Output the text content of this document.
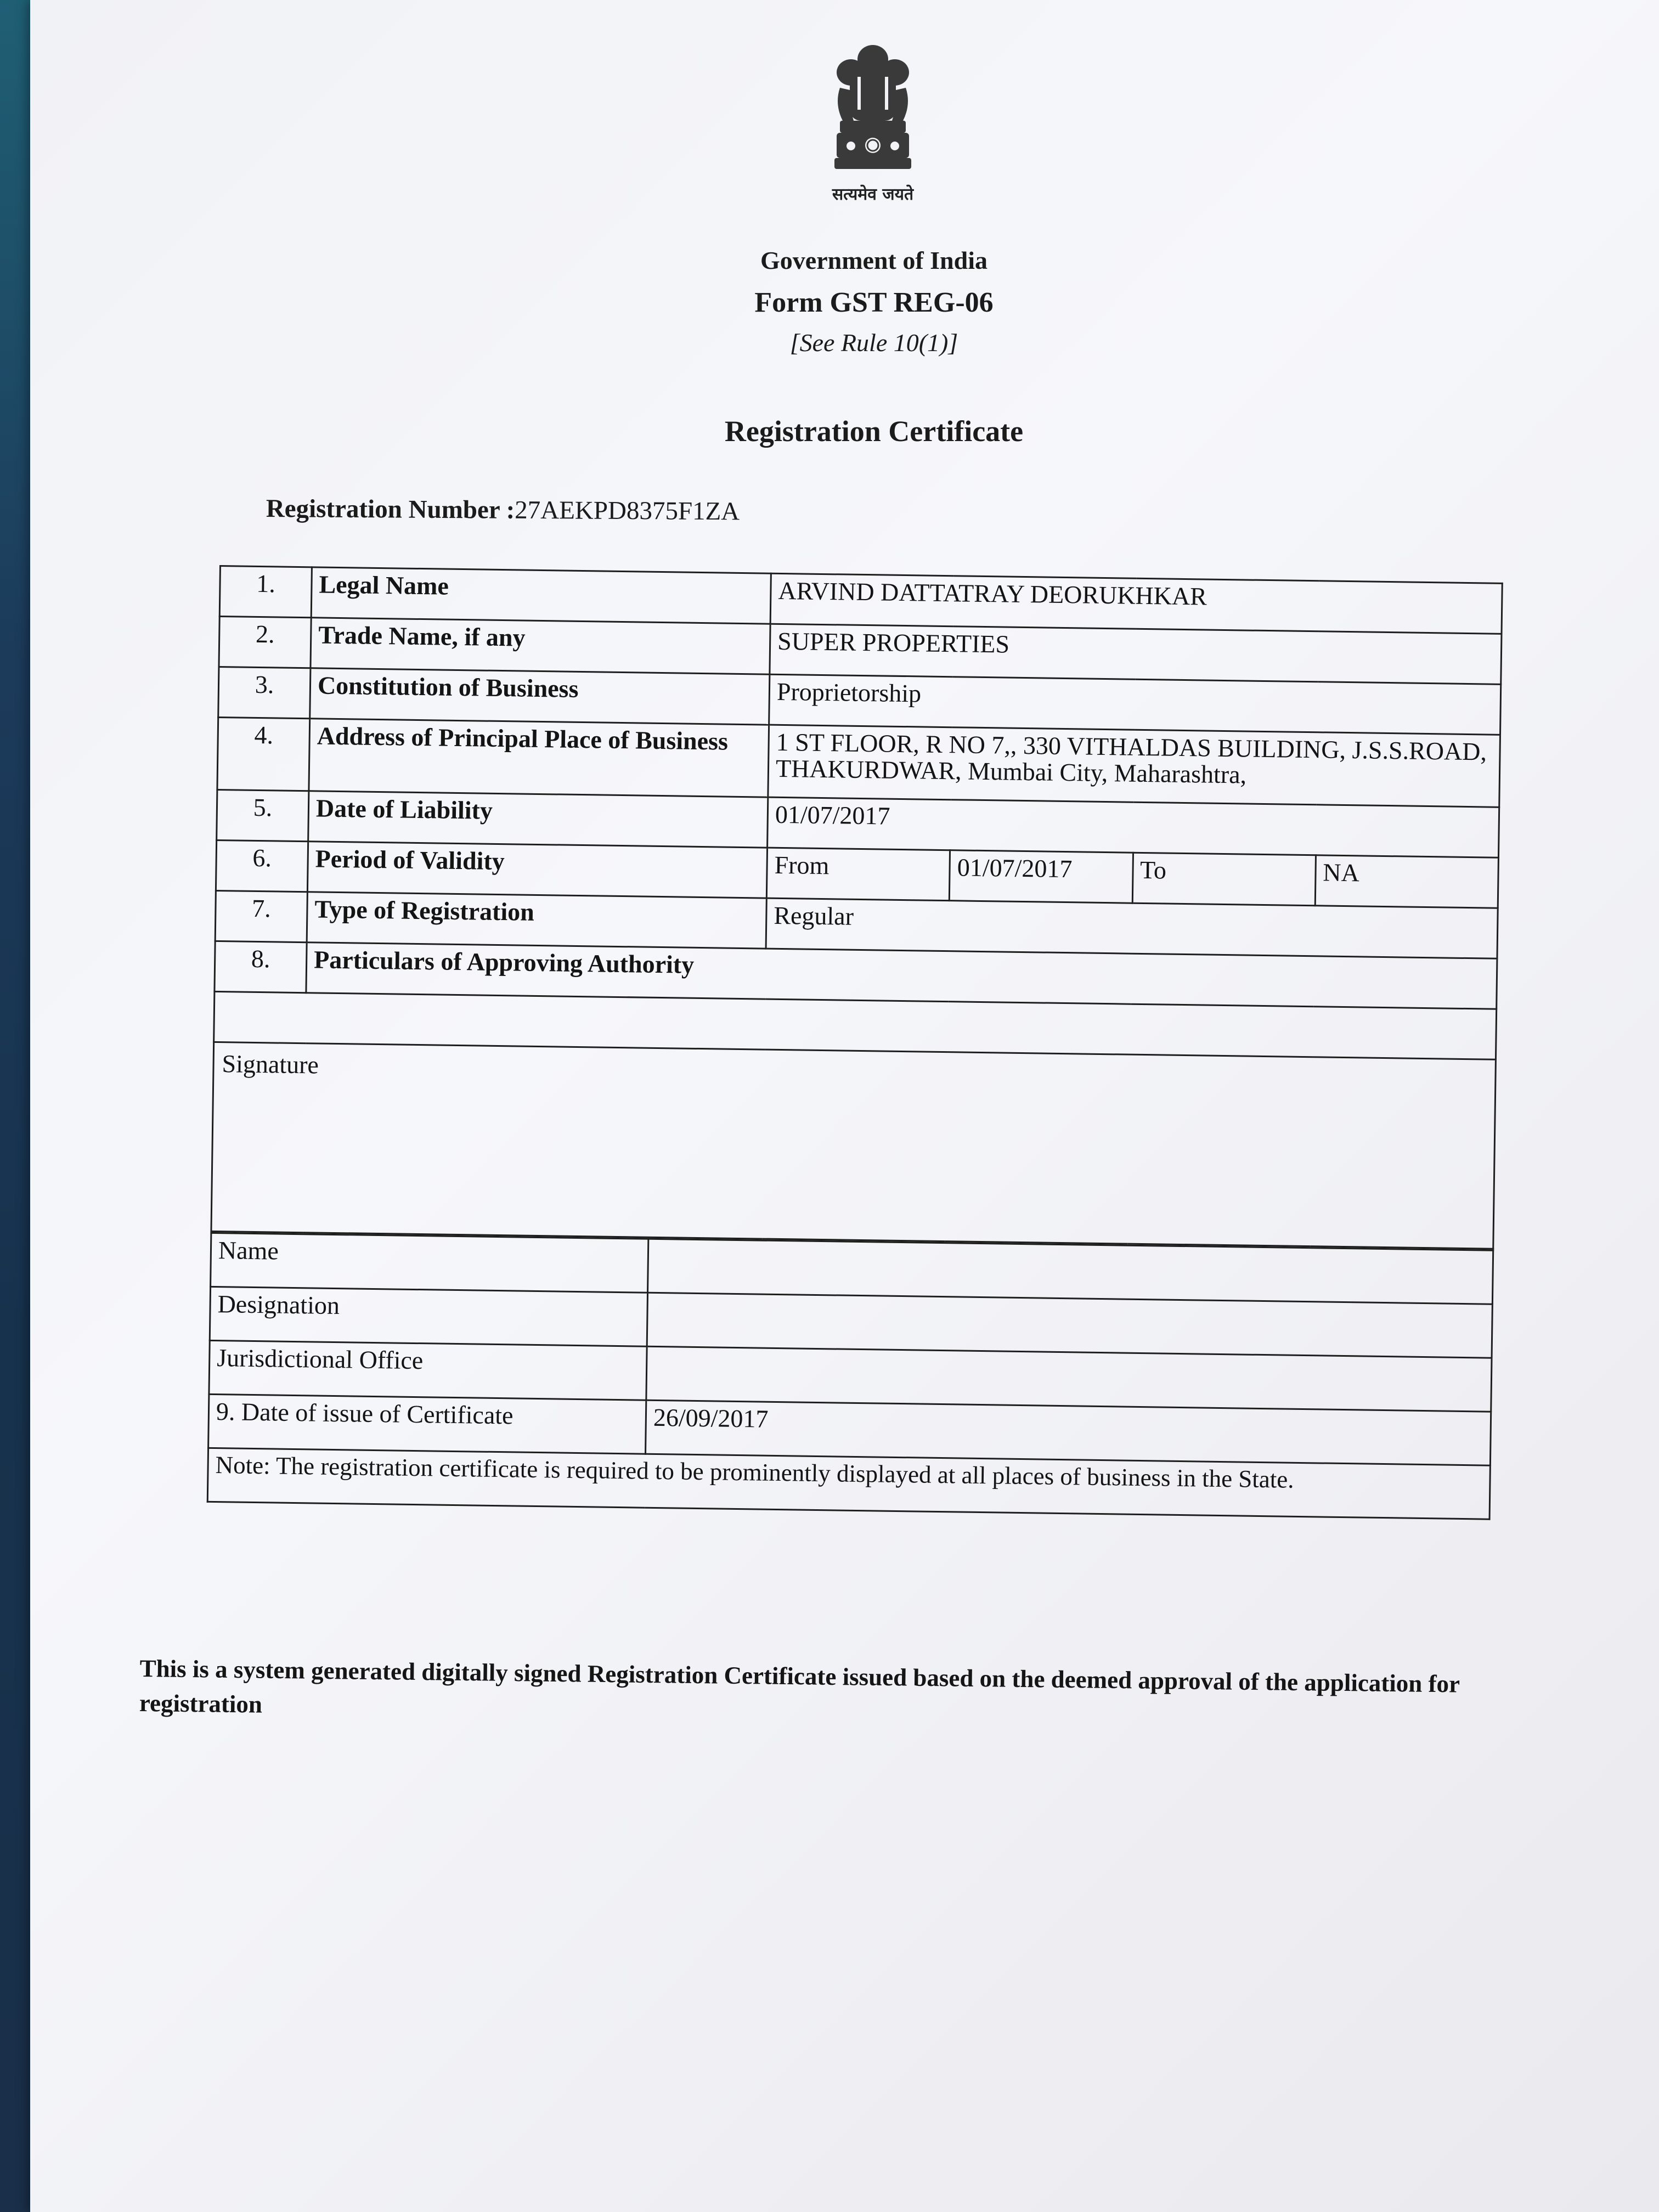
सत्यमेव जयते
Government of India
Form GST REG-06
[See Rule 10(1)]
Registration Certificate
Registration Number :27AEKPD8375F1ZA
1.	Legal Name	ARVIND DATTATRAY DEORUKHKAR			
2.	Trade Name, if any	SUPER PROPERTIES			
3.	Constitution of Business	Proprietorship			
4.	Address of Principal Place of Business	1 ST FLOOR, R NO 7,, 330 VITHALDAS BUILDING, J.S.S.ROAD, THAKURDWAR, Mumbai City, Maharashtra,			
5.	Date of Liability	01/07/2017			
6.	Period of Validity	From	01/07/2017	To	NA
7.	Type of Registration	Regular			
8.	Particulars of Approving Authority				

Signature					
Name	
Designation	
Jurisdictional Office	
9. Date of issue of Certificate	26/09/2017
Note: The registration certificate is required to be prominently displayed at all places of business in the State.	
This is a system generated digitally signed Registration Certificate issued based on the deemed approval of the application for registration
